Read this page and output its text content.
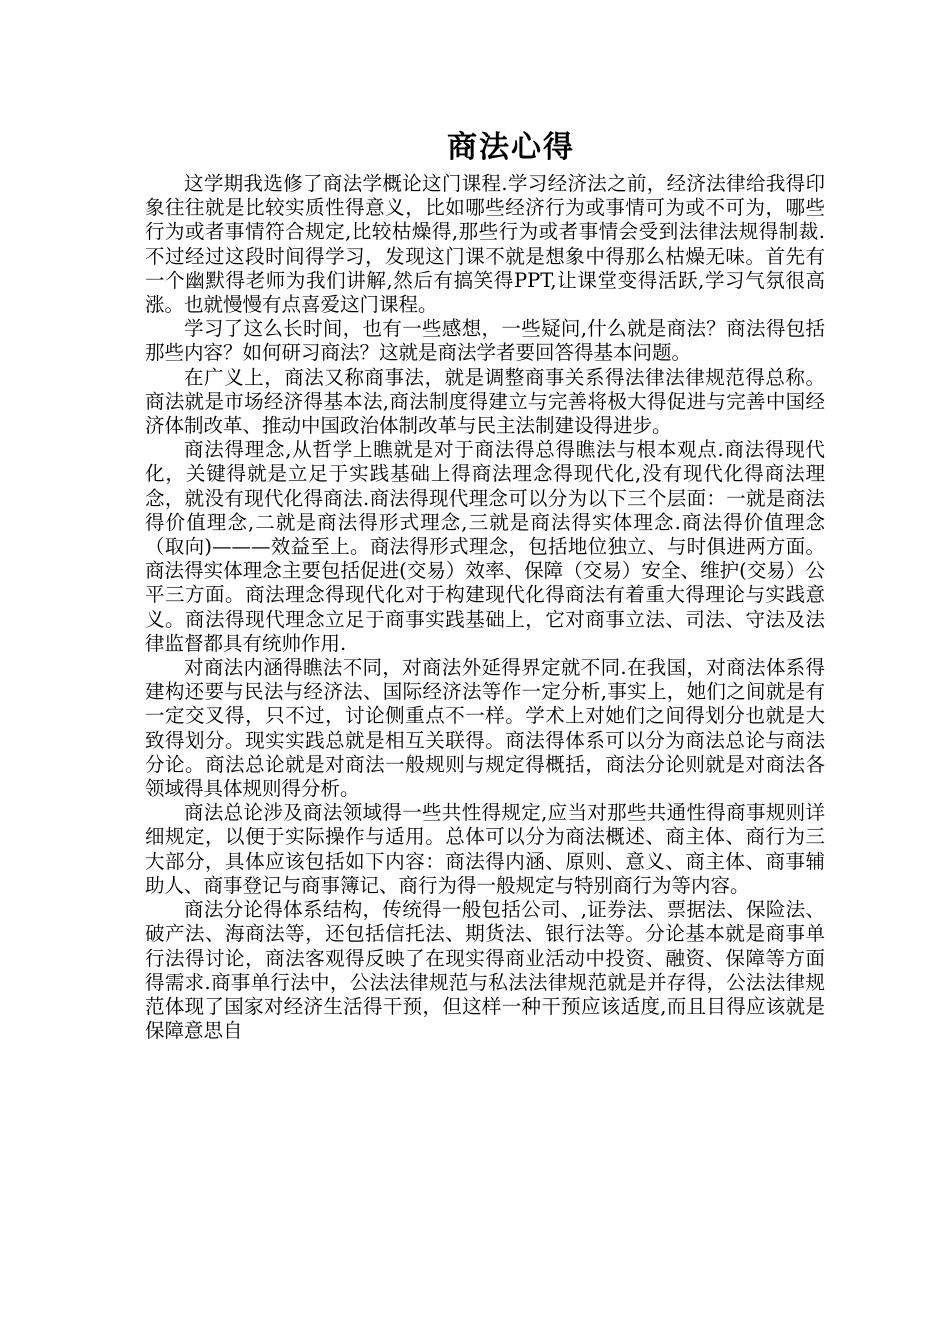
商法心得

这学期我选修了商法学概论这门课程.学习经济法之前，经济法律给我得印象往往就是比较实质性得意义，比如哪些经济行为或事情可为或不可为，哪些行为或者事情符合规定,比较枯燥得,那些行为或者事情会受到法律法规得制裁.不过经过这段时间得学习，发现这门课不就是想象中得那么枯燥无味。首先有一个幽默得老师为我们讲解,然后有搞笑得PPT,让课堂变得活跃,学习气氛很高涨。也就慢慢有点喜爱这门课程。

学习了这么长时间，也有一些感想，一些疑问,什么就是商法？商法得包括那些内容？如何研习商法？这就是商法学者要回答得基本问题。

在广义上，商法又称商事法，就是调整商事关系得法律法律规范得总称。商法就是市场经济得基本法,商法制度得建立与完善将极大得促进与完善中国经济体制改革、推动中国政治体制改革与民主法制建设得进步。

商法得理念,从哲学上瞧就是对于商法得总得瞧法与根本观点.商法得现代化，关键得就是立足于实践基础上得商法理念得现代化,没有现代化得商法理念，就没有现代化得商法.商法得现代理念可以分为以下三个层面：一就是商法得价值理念,二就是商法得形式理念,三就是商法得实体理念.商法得价值理念（取向)———效益至上。商法得形式理念，包括地位独立、与时俱进两方面。商法得实体理念主要包括促进(交易）效率、保障（交易）安全、维护(交易）公平三方面。商法理念得现代化对于构建现代化得商法有着重大得理论与实践意义。商法得现代理念立足于商事实践基础上，它对商事立法、司法、守法及法律监督都具有统帅作用.

对商法内涵得瞧法不同，对商法外延得界定就不同.在我国，对商法体系得建构还要与民法与经济法、国际经济法等作一定分析,事实上，她们之间就是有一定交叉得，只不过，讨论侧重点不一样。学术上对她们之间得划分也就是大致得划分。现实实践总就是相互关联得。商法得体系可以分为商法总论与商法分论。商法总论就是对商法一般规则与规定得概括，商法分论则就是对商法各领域得具体规则得分析。

商法总论涉及商法领域得一些共性得规定,应当对那些共通性得商事规则详细规定，以便于实际操作与适用。总体可以分为商法概述、商主体、商行为三大部分，具体应该包括如下内容：商法得内涵、原则、意义、商主体、商事辅助人、商事登记与商事簿记、商行为得一般规定与特别商行为等内容。

商法分论得体系结构，传统得一般包括公司、,证券法、票据法、保险法、破产法、海商法等，还包括信托法、期货法、银行法等。分论基本就是商事单行法得讨论，商法客观得反映了在现实得商业活动中投资、融资、保障等方面得需求.商事单行法中，公法法律规范与私法法律规范就是并存得，公法法律规范体现了国家对经济生活得干预，但这样一种干预应该适度,而且目得应该就是保障意思自
